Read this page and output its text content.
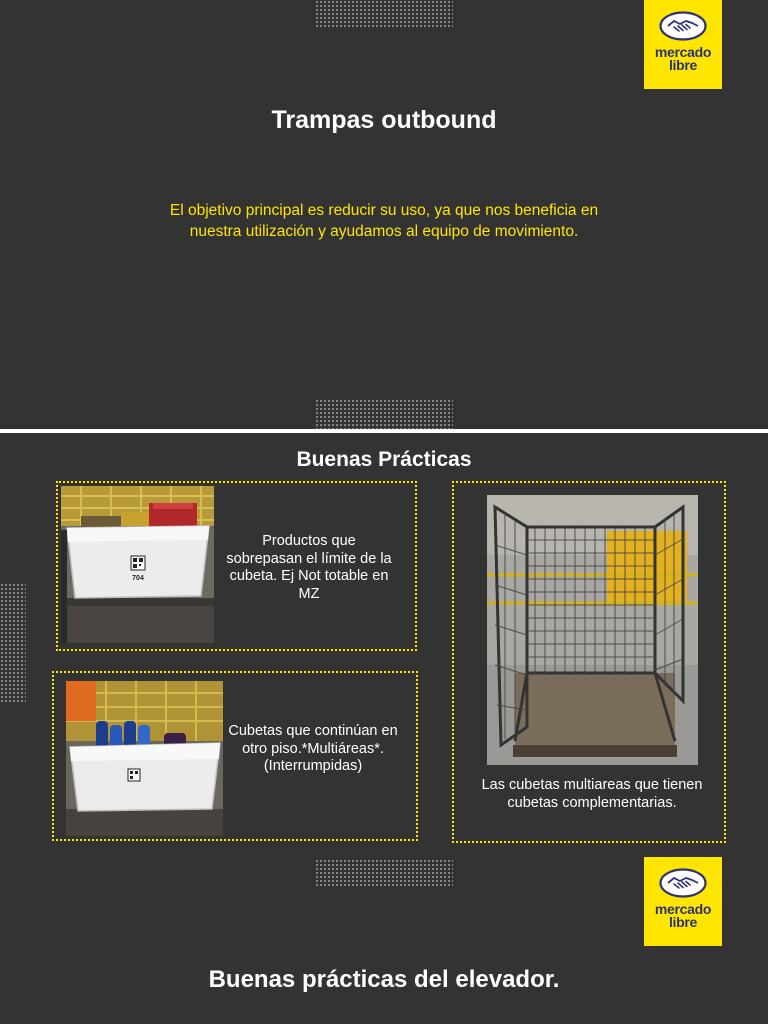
mercado
libre
Trampas outbound
El objetivo principal es reducir su uso, ya que nos beneficia en nuestra utilización y ayudamos al equipo de movimiento.
Buenas Prácticas
704
Productos que sobrepasan el límite de la cubeta. Ej Not totable en MZ
Cubetas que continúan en otro piso.*Multiáreas*. (Interrumpidas)
Las cubetas multiareas que tienen cubetas complementarias.
mercado
libre
Buenas prácticas del elevador.
